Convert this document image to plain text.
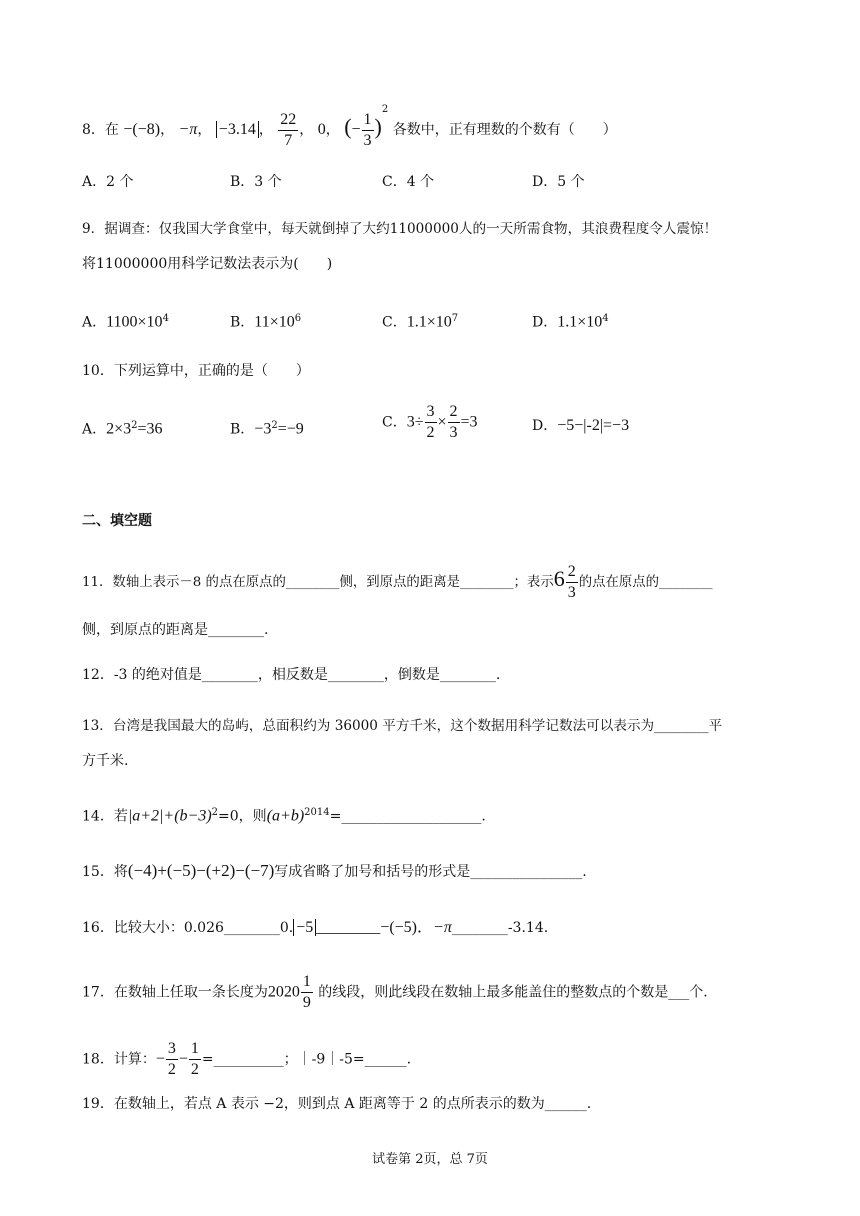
8．在 −(−8)， −π， −3.14 ， $\frac{22}{7}$ ， 0， (− $\frac{1}{3} )^2$ 各数中，正有理数的个数有（　　）
A．2 个	B．3 个	C．4 个	D．5 个
9．据调查：仅我国大学食堂中，每天就倒掉了大约11000000人的一天所需食物，其浪费程度令人震惊！
将11000000用科学记数法表示为(　　)
A．$1100\times 10^4$	B．$11\times 10^6$	C．$1.1\times 10^7$	D．$1.1\times 10^4$
10．下列运算中，正确的是（　　）
A．$2\times 3^2=36$	B．$-3^2=-9$	C．$3\div \frac{3}{2} \times \frac{2}{3} =3$	D．−5−|-2|=−3
二、填空题
11．数轴上表示－8 的点在原点的________侧，到原点的距离是________；表示$6 \frac{2}{3}$ 的点在原点的________
侧，到原点的距离是________.
12．-3 的绝对值是________，相反数是________，倒数是________.
13．台湾是我国最大的岛屿，总面积约为 36000 平方千米，这个数据用科学记数法可以表示为________平
方千米.
14．若$|a+2|+(b-3)^2=0$，则$(a+b)^{2014}=\_\_\_\_\_\_\_\_\_\_\_\_\_\_\_\_\_\_\_\_$.
15．将(−4)+(−5)−(+2)−(−7)写成省略了加号和括号的形式是________________.
16．比较大小：0.026________0. −5 ________−(−5)．−π________-3.14.
17．在数轴上任取一条长度为$2020 \frac{1}{9}$ 的线段，则此线段在数轴上最多能盖住的整数点的个数是___个.
18．计算：− $\frac{3}{2} - \frac{1}{2}$ =__________；｜-9｜-5=______.
19．在数轴上，若点 A 表示 −2，则到点 A 距离等于 2 的点所表示的数为______.
试卷第 2页，总 7页
